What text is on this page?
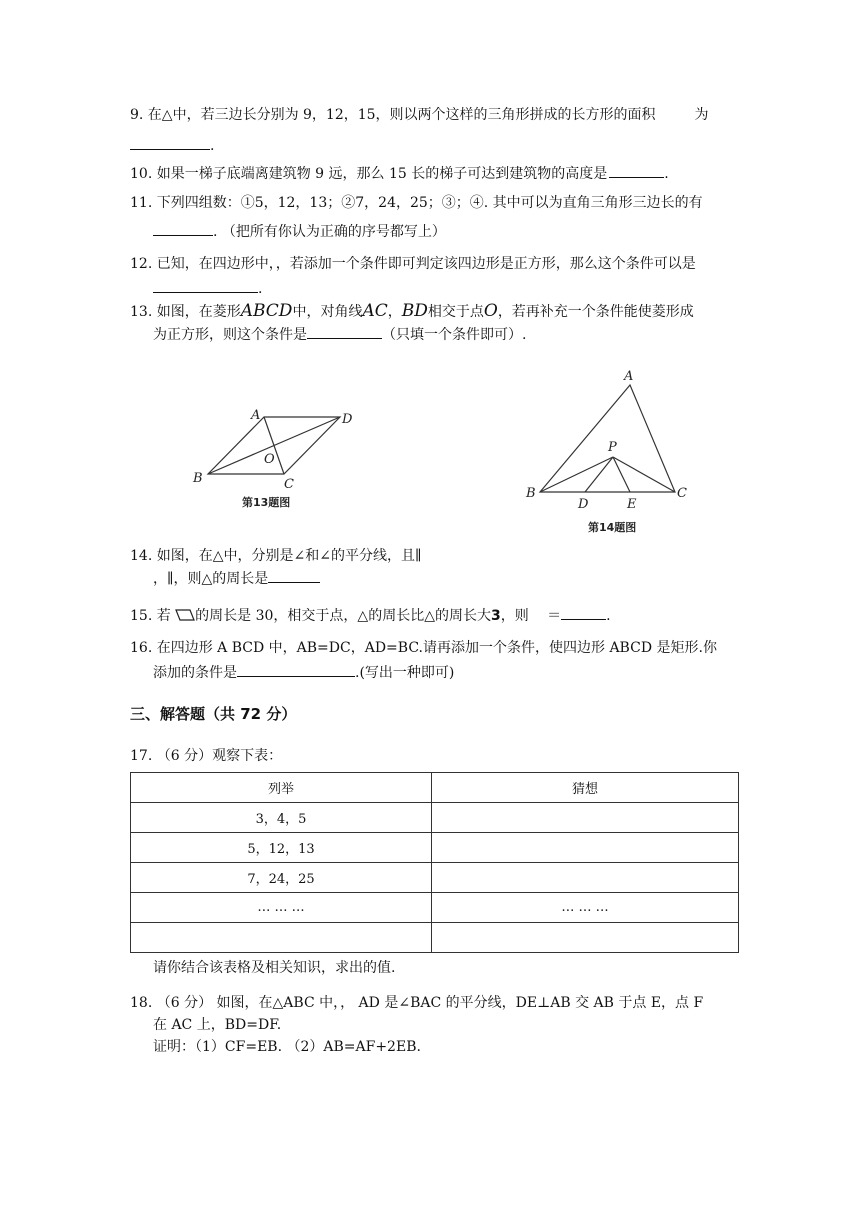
9. 在△中，若三边长分别为 9，12，15，则以两个这样的三角形拼成的长方形的面积	为
.
10. 如果一梯子底端离建筑物 9 远，那么 15 长的梯子可达到建筑物的高度是	.
11. 下列四组数：①5，12，13；②7，24，25；③；④. 其中可以为直角三角形三边长的有
. （把所有你认为正确的序号都写上）
12. 已知，在四边形中，，若添加一个条件即可判定该四边形是正方形，那么这个条件可以是
.
13. 如图，在菱形ABCD中，对角线AC，BD相交于点O，若再补充一个条件能使菱形成
为正方形，则这个条件是	（只填一个条件即可）.
A	D
B	C
O
第13题图
A
P
B
D	E
C
第14题图
14. 如图，在△中，分别是∠和∠的平分线，且∥
，∥，则△的周长是
15. 若 的周长是 30，相交于点，△的周长比△的周长大3，则 ＝	.
16. 在四边形 A BCD 中，AB=DC，AD=BC.请再添加一个条件，使四边形 ABCD 是矩形.你
添加的条件是	.(写出一种即可)
三、解答题（共 72 分）
17. （6 分）观察下表：
列举	猜想
3，4，5	
5，12，13	
7，24，25	
… … …	… … …

请你结合该表格及相关知识，求出的值.
18. （6 分） 如图，在△ABC 中，， AD 是∠BAC 的平分线，DE⊥AB 交 AB 于点 E，点 F
在 AC 上，BD=DF.
证明：（1）CF=EB. （2）AB=AF+2EB.
